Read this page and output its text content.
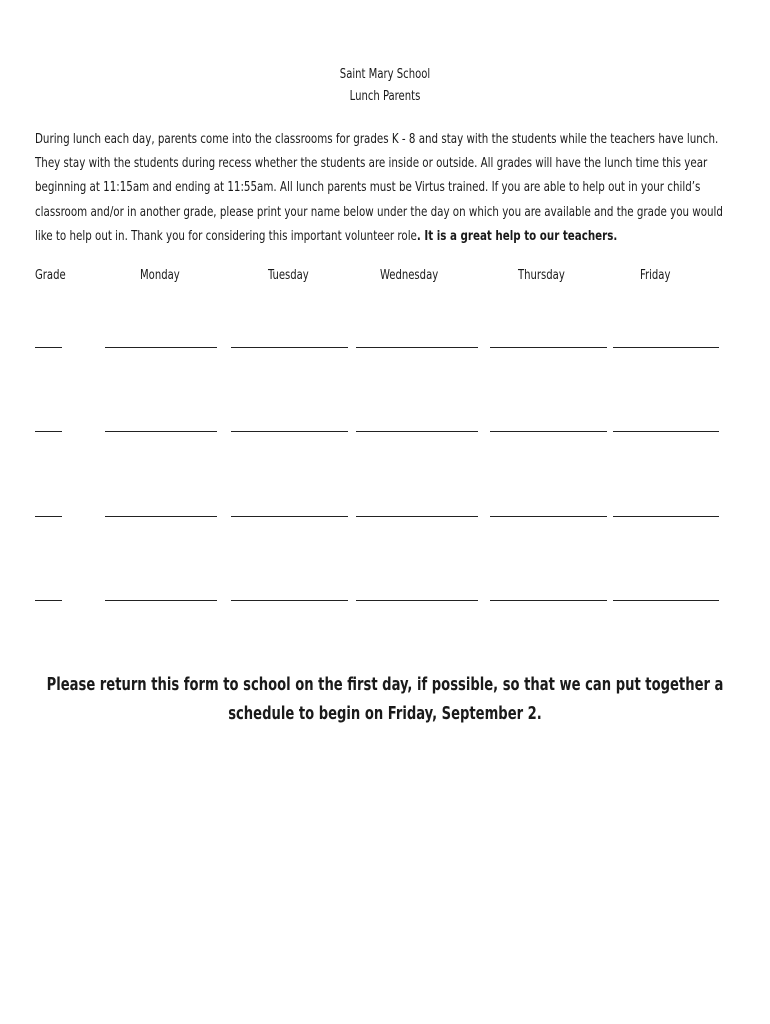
Saint Mary School
Lunch Parents
During lunch each day, parents come into the classrooms for grades K - 8 and stay with the students while the teachers have lunch. They stay with the students during recess whether the students are inside or outside. All grades will have the lunch time this year beginning at 11:15am and ending at 11:55am. All lunch parents must be Virtus trained. If you are able to help out in your child’s classroom and/or in another grade, please print your name below under the day on which you are available and the grade you would like to help out in. Thank you for considering this important volunteer role. It is a great help to our teachers.
Grade	Monday	Tuesday	Wednesday	Thursday	Friday
Please return this form to school on the first day, if possible, so that we can put together a schedule to begin on Friday, September 2.
